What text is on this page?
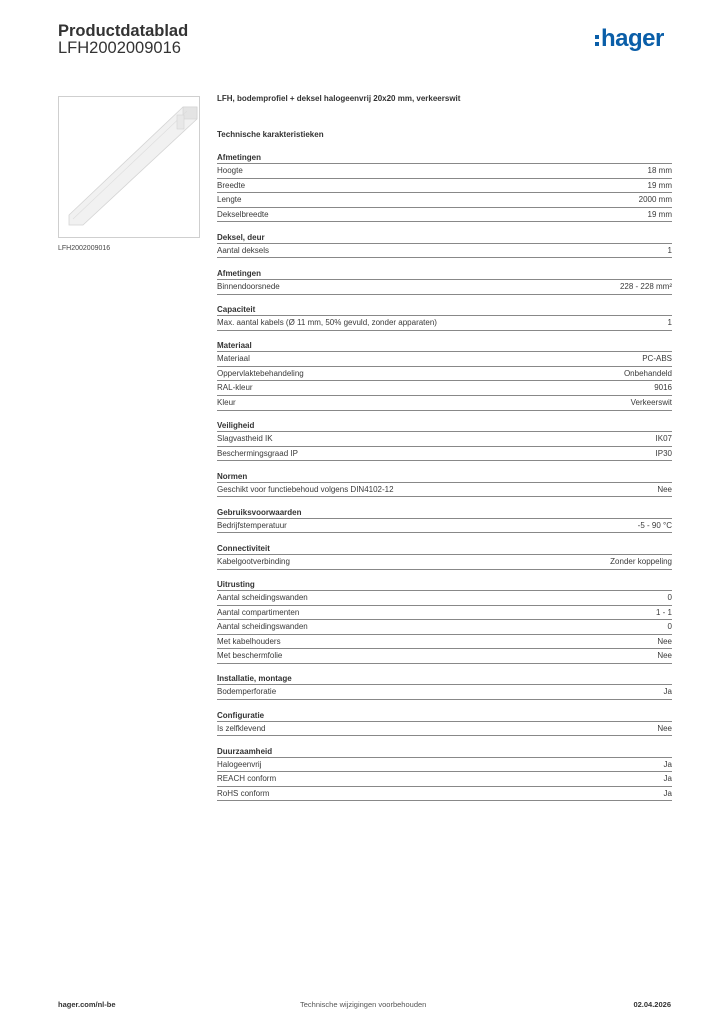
Productdatablad
LFH2002009016	hager
LFH2002009016
LFH, bodemprofiel + deksel halogeenvrij 20x20 mm, verkeerswit
Technische karakteristieken
Afmetingen
Hoogte	18 mm
Breedte	19 mm
Lengte	2000 mm
Dekselbreedte	19 mm
Deksel, deur
Aantal deksels	1
Afmetingen
Binnendoorsnede	228 - 228 mm²
Capaciteit
Max. aantal kabels (Ø 11 mm, 50% gevuld, zonder apparaten)	1
Materiaal
Materiaal	PC-ABS
Oppervlaktebehandeling	Onbehandeld
RAL-kleur	9016
Kleur	Verkeerswit
Veiligheid
Slagvastheid IK	IK07
Beschermingsgraad IP	IP30
Normen
Geschikt voor functiebehoud volgens DIN4102-12	Nee
Gebruiksvoorwaarden
Bedrijfstemperatuur	-5 - 90 °C
Connectiviteit
Kabelgootverbinding	Zonder koppeling
Uitrusting
Aantal scheidingswanden	0
Aantal compartimenten	1 - 1
Aantal scheidingswanden	0
Met kabelhouders	Nee
Met beschermfolie	Nee
Installatie, montage
Bodemperforatie	Ja
Configuratie
Is zelfklevend	Nee
Duurzaamheid
Halogeenvrij	Ja
REACH conform	Ja
RoHS conform	Ja
hager.com/nl-be	Technische wijzigingen voorbehouden	02.04.2026
